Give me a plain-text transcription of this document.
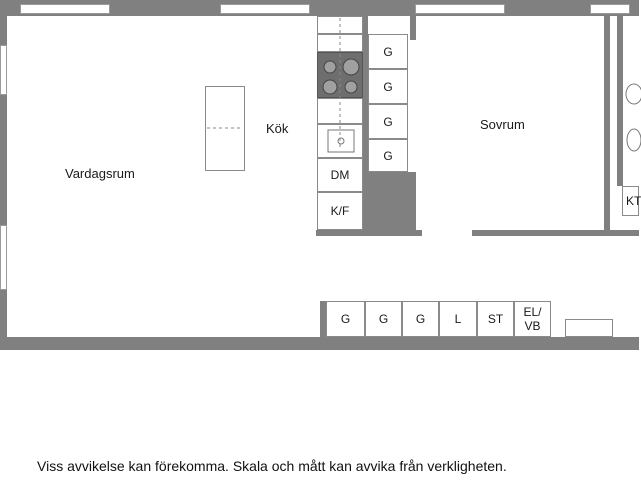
DM
K/F
G
G
G
G
Vardagsrum
Kök	Sovrum
KT
G G G L ST EL/
VB
Viss avvikelse kan förekomma. Skala och mått kan avvika från verkligheten.
